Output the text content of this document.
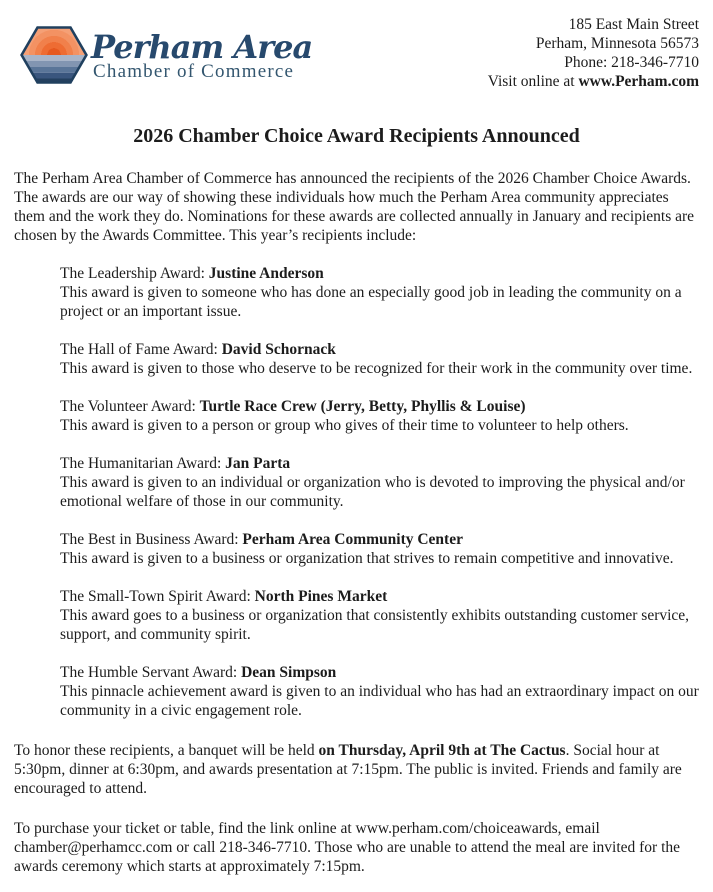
Perham Area
Chamber of Commerce
185 East Main Street
Perham, Minnesota 56573
Phone: 218-346-7710
Visit online at www.Perham.com
2026 Chamber Choice Award Recipients Announced
The Perham Area Chamber of Commerce has announced the recipients of the 2026 Chamber Choice Awards. The awards are our way of showing these individuals how much the Perham Area community appreciates them and the work they do. Nominations for these awards are collected annually in January and recipients are chosen by the Awards Committee. This year’s recipients include:
The Leadership Award: Justine Anderson
This award is given to someone who has done an especially good job in leading the community on a project or an important issue.
The Hall of Fame Award: David Schornack
This award is given to those who deserve to be recognized for their work in the community over time.
The Volunteer Award: Turtle Race Crew (Jerry, Betty, Phyllis & Louise)
This award is given to a person or group who gives of their time to volunteer to help others.
The Humanitarian Award: Jan Parta
This award is given to an individual or organization who is devoted to improving the physical and/or emotional welfare of those in our community.
The Best in Business Award: Perham Area Community Center
This award is given to a business or organization that strives to remain competitive and innovative.
The Small-Town Spirit Award: North Pines Market
This award goes to a business or organization that consistently exhibits outstanding customer service, support, and community spirit.
The Humble Servant Award: Dean Simpson
This pinnacle achievement award is given to an individual who has had an extraordinary impact on our community in a civic engagement role.
To honor these recipients, a banquet will be held on Thursday, April 9th at The Cactus. Social hour at 5:30pm, dinner at 6:30pm, and awards presentation at 7:15pm. The public is invited. Friends and family are encouraged to attend.
To purchase your ticket or table, find the link online at www.perham.com/choiceawards, email chamber@perhamcc.com or call 218-346-7710. Those who are unable to attend the meal are invited for the awards ceremony which starts at approximately 7:15pm.
